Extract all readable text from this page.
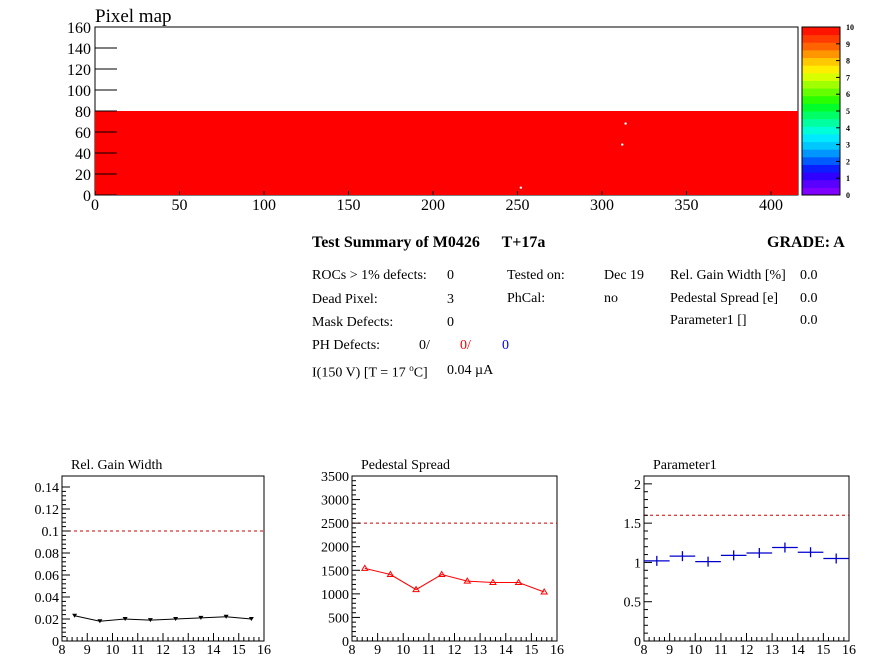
Pixel map
0
20
40
60
80
100
120
140
160
0	50	100	150	200	250	300	350	400
0
1
2
3
4
5
6
7
8
9
10
Test Summary of M0426 T+17a	GRADE: A
ROCs > 1% defects: 0
Dead Pixel:	3
Mask Defects:	0
PH Defects:	0/ 0/ 0
I(150 V) [T = 17 $^o$C] 0.04 µA
Tested on:	Dec 19
PhCal:	no
Rel. Gain Width [%] 0.0
Pedestal Spread [e] 0.0
Parameter1 []	0.0
Rel. Gain Width
0
0.02
0.04
0.06
0.08
0.1
0.12
0.14
8 9 10 11 12 13 14 15 16
Pedestal Spread
0
500
1000
1500
2000
2500
3000
3500
8 9 10 11 12 13 14 15 16
Parameter1
0
0.5
1
1.5
2
8 9 10 11 12 13 14 15 16
